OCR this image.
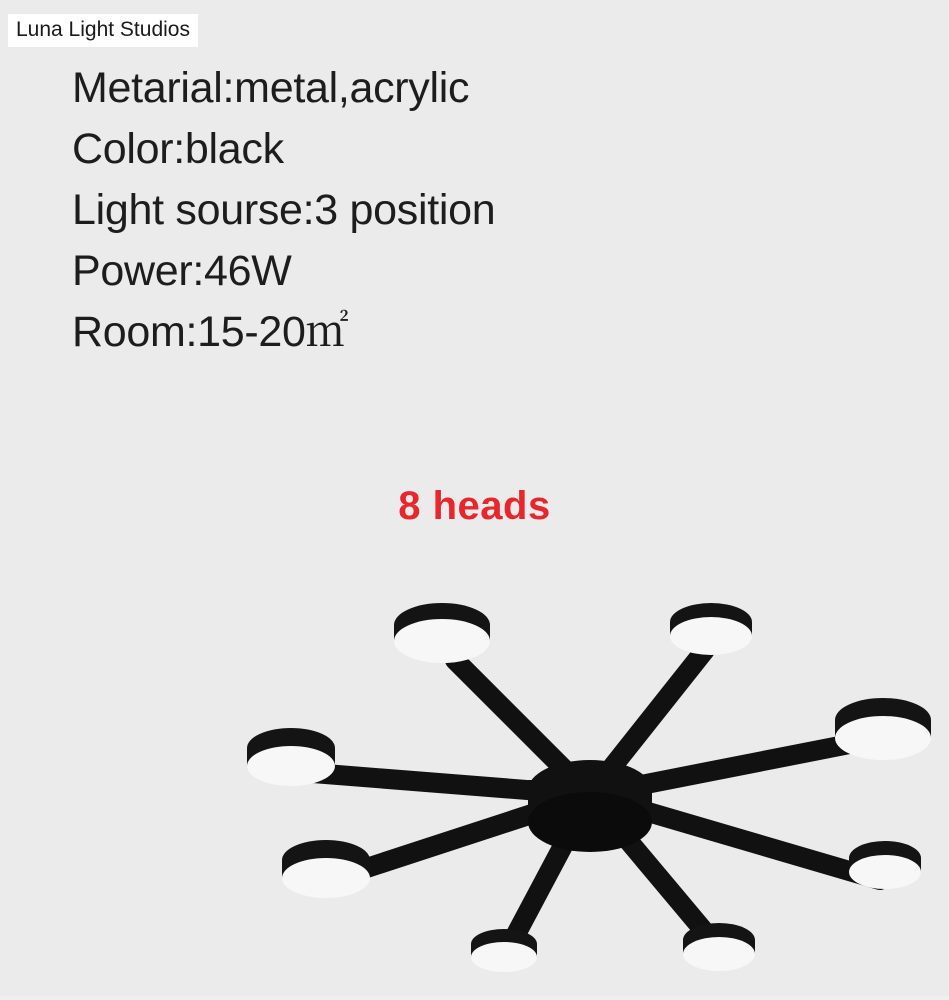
Luna Light Studios
Metarial:metal,acrylic
Color:black
Light sourse:3 position
Power:46W
Room:15-20㎡
8 heads
